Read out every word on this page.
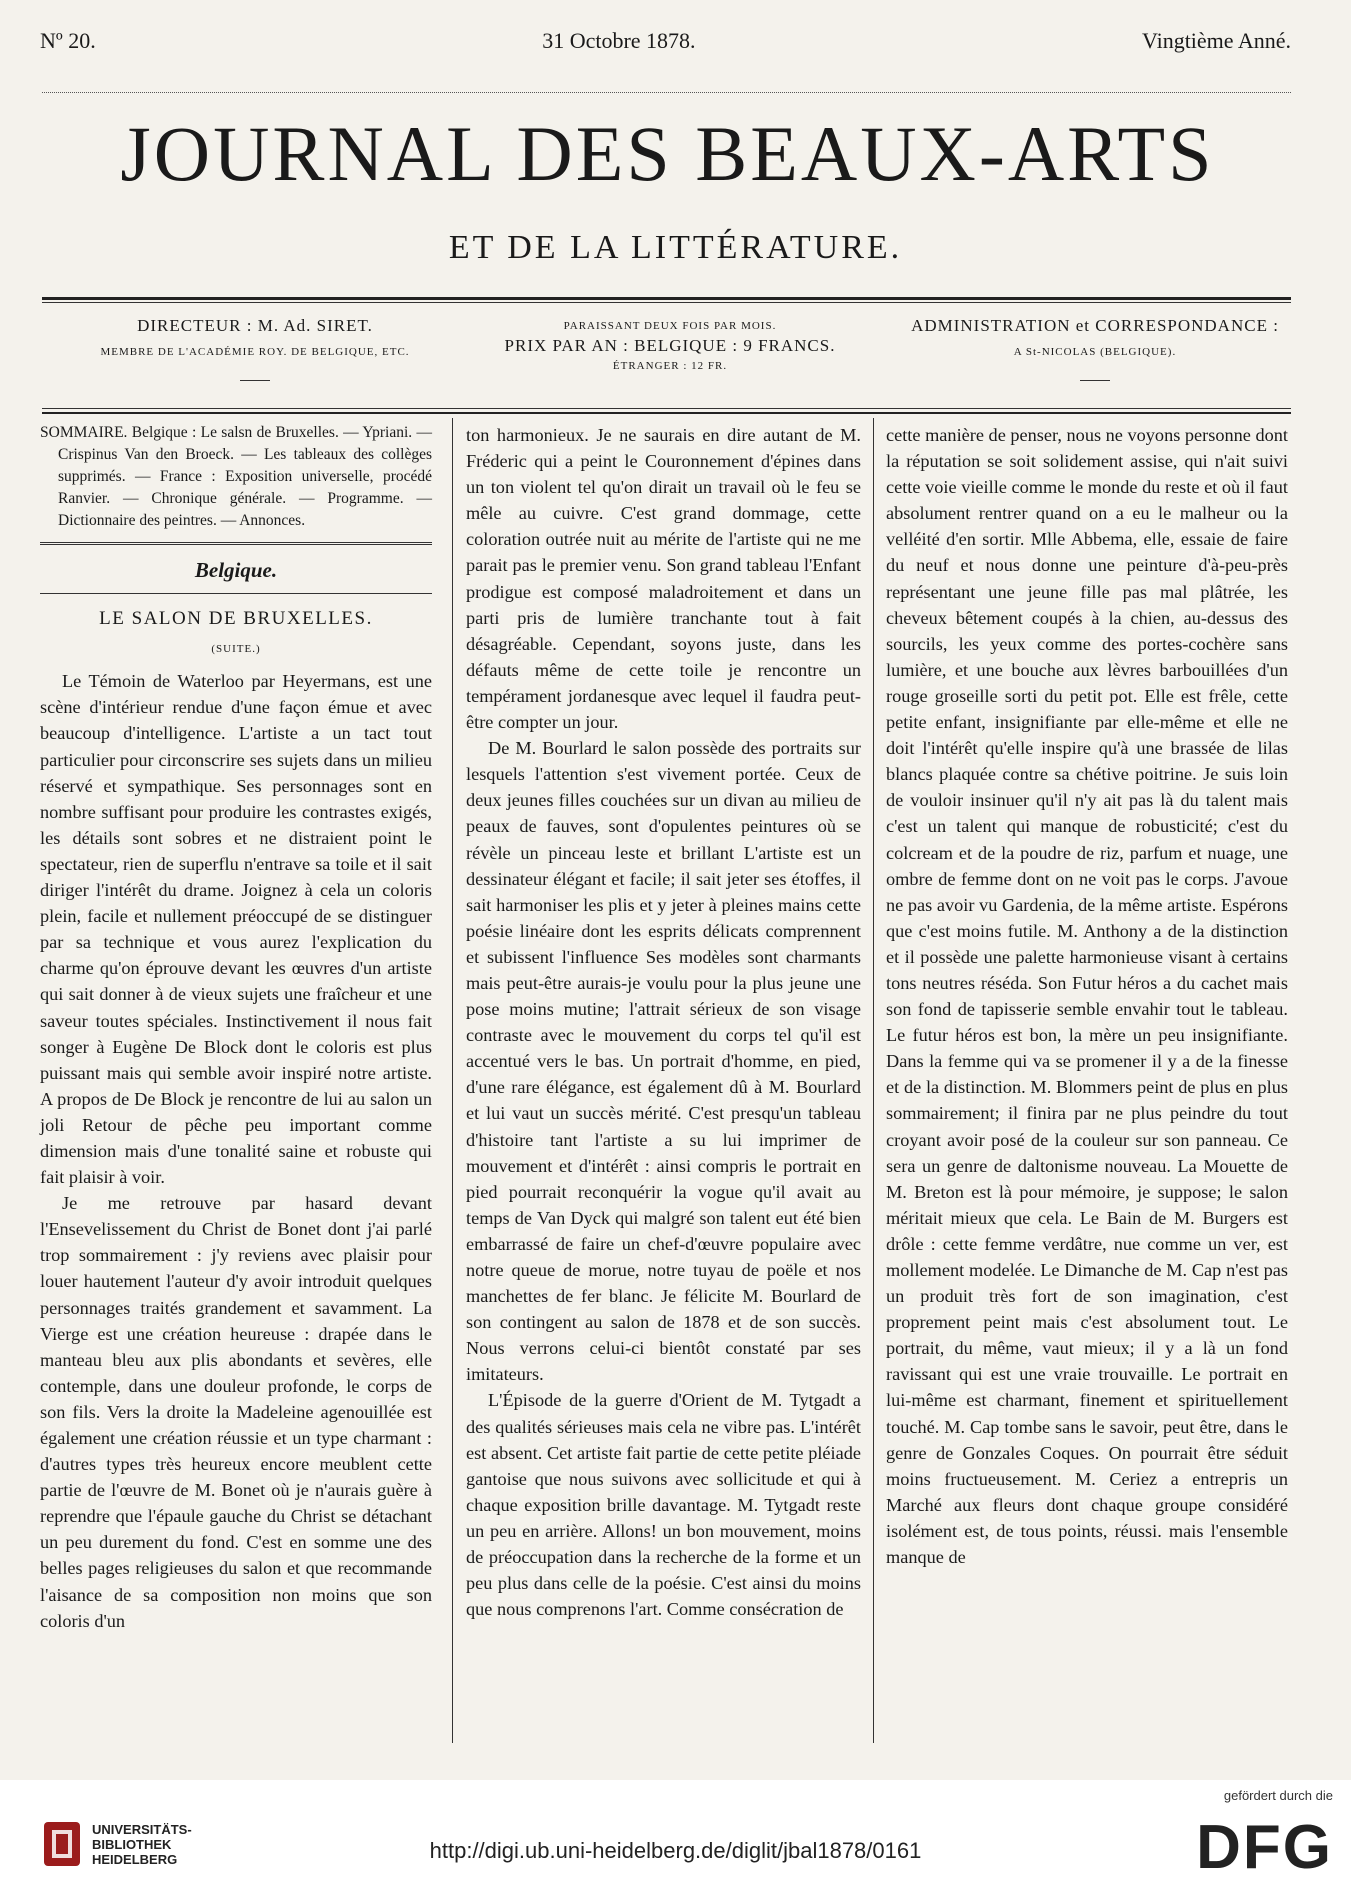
Nº 20.	31 Octobre 1878.	Vingtième Anné.
JOURNAL DES BEAUX-ARTS
ET DE LA LITTÉRATURE.
DIRECTEUR : M. Ad. SIRET.
MEMBRE DE L'ACADÉMIE ROY. DE BELGIQUE, ETC.
PARAISSANT DEUX FOIS PAR MOIS.
PRIX PAR AN : BELGIQUE : 9 FRANCS.
ÉTRANGER : 12 FR.
ADMINISTRATION et CORRESPONDANCE :
A St-NICOLAS (BELGIQUE).

SOMMAIRE. Belgique : Le salsn de Bruxelles. — Ypriani. — Crispinus Van den Broeck. — Les tableaux des collèges supprimés. — France : Exposition universelle, procédé Ranvier. — Chronique générale. — Programme. — Dictionnaire des peintres. — Annonces.

Belgique.
LE SALON DE BRUXELLES.
(SUITE.)

Le Témoin de Waterloo par Heyermans, est une scène d'intérieur rendue d'une façon émue et avec beaucoup d'intelligence. L'artiste a un tact tout particulier pour circonscrire ses sujets dans un milieu réservé et sympathique. Ses personnages sont en nombre suffisant pour produire les contrastes exigés, les détails sont sobres et ne distraient point le spectateur, rien de superflu n'entrave sa toile et il sait diriger l'intérêt du drame. Joignez à cela un coloris plein, facile et nullement préoccupé de se distinguer par sa technique et vous aurez l'explication du charme qu'on éprouve devant les œuvres d'un artiste qui sait donner à de vieux sujets une fraîcheur et une saveur toutes spéciales. Instinctivement il nous fait songer à Eugène De Block dont le coloris est plus puissant mais qui semble avoir inspiré notre artiste. A propos de De Block je rencontre de lui au salon un joli Retour de pêche peu important comme dimension mais d'une tonalité saine et robuste qui fait plaisir à voir.

Je me retrouve par hasard devant l'Ensevelissement du Christ de Bonet dont j'ai parlé trop sommairement : j'y reviens avec plaisir pour louer hautement l'auteur d'y avoir introduit quelques personnages traités grandement et savamment. La Vierge est une création heureuse : drapée dans le manteau bleu aux plis abondants et sevères, elle contemple, dans une douleur profonde, le corps de son fils. Vers la droite la Madeleine agenouillée est également une création réussie et un type charmant : d'autres types très heureux encore meublent cette partie de l'œuvre de M. Bonet où je n'aurais guère à reprendre que l'épaule gauche du Christ se détachant un peu durement du fond. C'est en somme une des belles pages religieuses du salon et que recommande l'aisance de sa composition non moins que son coloris d'un

ton harmonieux. Je ne saurais en dire autant de M. Fréderic qui a peint le Couronnement d'épines dans un ton violent tel qu'on dirait un travail où le feu se mêle au cuivre. C'est grand dommage, cette coloration outrée nuit au mérite de l'artiste qui ne me parait pas le premier venu. Son grand tableau l'Enfant prodigue est composé maladroitement et dans un parti pris de lumière tranchante tout à fait désagréable. Cependant, soyons juste, dans les défauts même de cette toile je rencontre un tempérament jordanesque avec lequel il faudra peut-être compter un jour.

De M. Bourlard le salon possède des portraits sur lesquels l'attention s'est vivement portée. Ceux de deux jeunes filles couchées sur un divan au milieu de peaux de fauves, sont d'opulentes peintures où se révèle un pinceau leste et brillant L'artiste est un dessinateur élégant et facile; il sait jeter ses étoffes, il sait harmoniser les plis et y jeter à pleines mains cette poésie linéaire dont les esprits délicats comprennent et subissent l'influence Ses modèles sont charmants mais peut-être aurais-je voulu pour la plus jeune une pose moins mutine; l'attrait sérieux de son visage contraste avec le mouvement du corps tel qu'il est accentué vers le bas. Un portrait d'homme, en pied, d'une rare élégance, est également dû à M. Bourlard et lui vaut un succès mérité. C'est presqu'un tableau d'histoire tant l'artiste a su lui imprimer de mouvement et d'intérêt : ainsi compris le portrait en pied pourrait reconquérir la vogue qu'il avait au temps de Van Dyck qui malgré son talent eut été bien embarrassé de faire un chef-d'œuvre populaire avec notre queue de morue, notre tuyau de poële et nos manchettes de fer blanc. Je félicite M. Bourlard de son contingent au salon de 1878 et de son succès. Nous verrons celui-ci bientôt constaté par ses imitateurs.

L'Épisode de la guerre d'Orient de M. Tytgadt a des qualités sérieuses mais cela ne vibre pas. L'intérêt est absent. Cet artiste fait partie de cette petite pléiade gantoise que nous suivons avec sollicitude et qui à chaque exposition brille davantage. M. Tytgadt reste un peu en arrière. Allons! un bon mouvement, moins de préoccupation dans la recherche de la forme et un peu plus dans celle de la poésie. C'est ainsi du moins que nous comprenons l'art. Comme consécration de

cette manière de penser, nous ne voyons personne dont la réputation se soit solidement assise, qui n'ait suivi cette voie vieille comme le monde du reste et où il faut absolument rentrer quand on a eu le malheur ou la velléité d'en sortir. Mlle Abbema, elle, essaie de faire du neuf et nous donne une peinture d'à-peu-près représentant une jeune fille pas mal plâtrée, les cheveux bêtement coupés à la chien, au-dessus des sourcils, les yeux comme des portes-cochère sans lumière, et une bouche aux lèvres barbouillées d'un rouge groseille sorti du petit pot. Elle est frêle, cette petite enfant, insignifiante par elle-même et elle ne doit l'intérêt qu'elle inspire qu'à une brassée de lilas blancs plaquée contre sa chétive poitrine. Je suis loin de vouloir insinuer qu'il n'y ait pas là du talent mais c'est un talent qui manque de robusticité; c'est du colcream et de la poudre de riz, parfum et nuage, une ombre de femme dont on ne voit pas le corps. J'avoue ne pas avoir vu Gardenia, de la même artiste. Espérons que c'est moins futile. M. Anthony a de la distinction et il possède une palette harmonieuse visant à certains tons neutres réséda. Son Futur héros a du cachet mais son fond de tapisserie semble envahir tout le tableau. Le futur héros est bon, la mère un peu insignifiante. Dans la femme qui va se promener il y a de la finesse et de la distinction. M. Blommers peint de plus en plus sommairement; il finira par ne plus peindre du tout croyant avoir posé de la couleur sur son panneau. Ce sera un genre de daltonisme nouveau. La Mouette de M. Breton est là pour mémoire, je suppose; le salon méritait mieux que cela. Le Bain de M. Burgers est drôle : cette femme verdâtre, nue comme un ver, est mollement modelée. Le Dimanche de M. Cap n'est pas un produit très fort de son imagination, c'est proprement peint mais c'est absolument tout. Le portrait, du même, vaut mieux; il y a là un fond ravissant qui est une vraie trouvaille. Le portrait en lui-même est charmant, finement et spirituellement touché. M. Cap tombe sans le savoir, peut être, dans le genre de Gonzales Coques. On pourrait être séduit moins fructueusement. M. Ceriez a entrepris un Marché aux fleurs dont chaque groupe considéré isolément est, de tous points, réussi. mais l'ensemble manque de

UNIVERSITÄTS-
BIBLIOTHEK
HEIDELBERG	http://digi.ub.uni-heidelberg.de/diglit/jbal1878/0161
gefördert durch die
DFG
